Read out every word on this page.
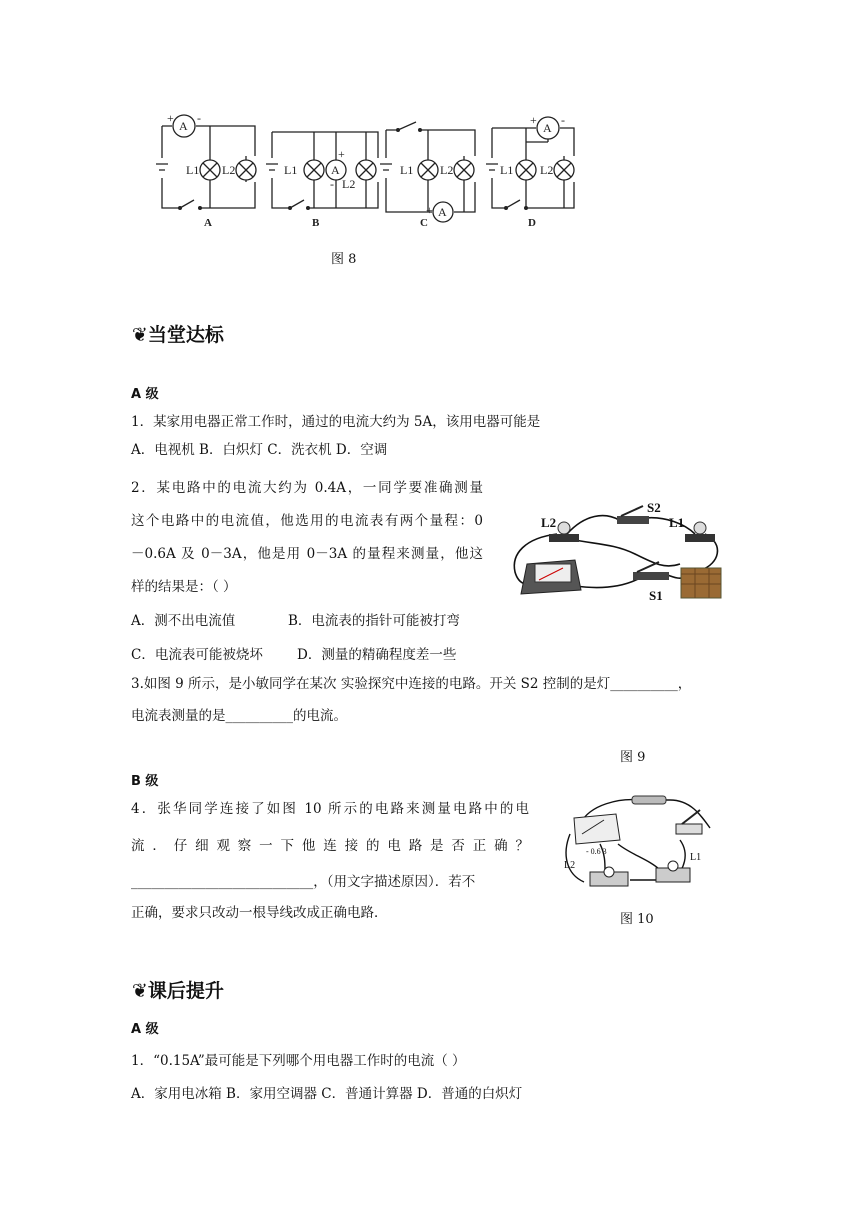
A
A
A
A
+ -
+
-
+
+ -
L1 L2	L1
L2
L1 L2	L1 L2
A	B	C	D
图 8
❦当堂达标
A 级
1．某家用电器正常工作时，通过的电流大约为 5A，该用电器可能是
A．电视机 B．白炽灯 C．洗衣机 D．空调
2．某电路中的电流大约为 0.4A，一同学要准确测量
这个电路中的电流值，他选用的电流表有两个量程：0
－0.6A 及 0－3A，他是用 0－3A 的量程来测量，他这
样的结果是：（ ）
A．测不出电流值	B．电流表的指针可能被打弯
C．电流表可能被烧坏	D．测量的精确程度差一些
L2
S2
L1
S1
3.如图 9 所示，是小敏同学在某次 实验探究中连接的电路。开关 S2 控制的是灯__________，
电流表测量的是__________的电流。
图 9
B 级
4．张华同学连接了如图 10 所示的电路来测量电路中的电
流．仔细观察一下他连接的电路是否正确？
___________________________，（用文字描述原因）．若不
正确，要求只改动一根导线改成正确电路．
- 0.6 3
L2
L1
图 10
❦课后提升
A 级
1．“0.15A”最可能是下列哪个用电器工作时的电流（ ）
A．家用电冰箱 B．家用空调器 C．普通计算器 D．普通的白炽灯
